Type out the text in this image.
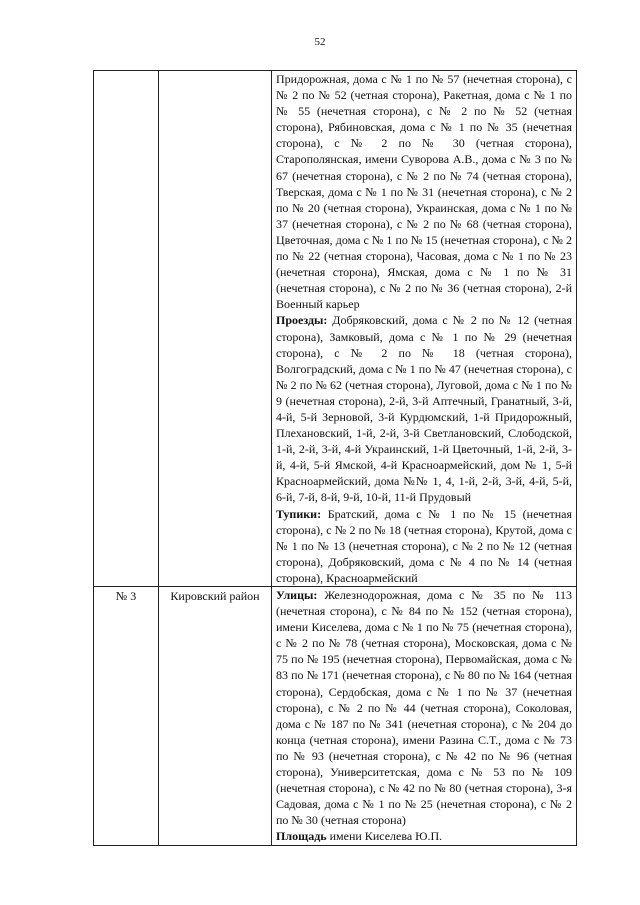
52

		Придорожная, дома с № 1 по № 57 (нечетная сторона), с № 2 по № 52 (четная сторона), Ракетная, дома с № 1 по № 55 (нечетная сторона), с № 2 по № 52 (четная сторона), Рябиновская, дома с № 1 по № 35 (нечетная сторона), с № 2 по № 30 (четная сторона), Старополянская, имени Суворова А.В., дома с № 3 по № 67 (нечетная сторона), с № 2 по № 74 (четная сторона), Тверская, дома с № 1 по № 31 (нечетная сторона), с № 2 по № 20 (четная сторона), Украинская, дома с № 1 по № 37 (нечетная сторона), с № 2 по № 68 (четная сторона), Цветочная, дома с № 1 по № 15 (нечетная сторона), с № 2 по № 22 (четная сторона), Часовая, дома с № 1 по № 23 (нечетная сторона), Ямская, дома с № 1 по № 31 (нечетная сторона), с № 2 по № 36 (четная сторона), 2-й Военный карьер

Проезды: Добряковский, дома с № 2 по № 12 (четная сторона), Замковый, дома с № 1 по № 29 (нечетная сторона), с № 2 по № 18 (четная сторона), Волгоградский, дома с № 1 по № 47 (нечетная сторона), с № 2 по № 62 (четная сторона), Луговой, дома с № 1 по № 9 (нечетная сторона), 2-й, 3-й Аптечный, Гранатный, 3-й, 4-й, 5-й Зерновой, 3-й Курдюмский, 1-й Придорожный, Плехановский, 1-й, 2-й, 3-й Светлановский, Слободской, 1-й, 2-й, 3-й, 4-й Украинский, 1-й Цветочный, 1-й, 2-й, 3-й, 4-й, 5-й Ямской, 4-й Красноармейский, дом № 1, 5-й Красноармейский, дома №№ 1, 4, 1-й, 2-й, 3-й, 4-й, 5-й, 6-й, 7-й, 8-й, 9-й, 10-й, 11-й Прудовый

Тупики: Братский, дома с № 1 по № 15 (нечетная сторона), с № 2 по № 18 (четная сторона), Крутой, дома с № 1 по № 13 (нечетная сторона), с № 2 по № 12 (четная сторона), Добряковский, дома с № 4 по № 14 (четная сторона), Красноармейский

№ 3	Кировский район	Улицы: Железнодорожная, дома с № 35 по № 113 (нечетная сторона), с № 84 по № 152 (четная сторона), имени Киселева, дома с № 1 по № 75 (нечетная сторона), с № 2 по № 78 (четная сторона), Московская, дома с № 75 по № 195 (нечетная сторона), Первомайская, дома с № 83 по № 171 (нечетная сторона), с № 80 по № 164 (четная сторона), Сердобская, дома с № 1 по № 37 (нечетная сторона), с № 2 по № 44 (четная сторона), Соколовая, дома с № 187 по № 341 (нечетная сторона), с № 204 до конца (четная сторона), имени Разина С.Т., дома с № 73 по № 93 (нечетная сторона), с № 42 по № 96 (четная сторона), Университетская, дома с № 53 по № 109 (нечетная сторона), с № 42 по № 80 (четная сторона), 3-я Садовая, дома с № 1 по № 25 (нечетная сторона), с № 2 по № 30 (четная сторона)

Площадь имени Киселева Ю.П.
